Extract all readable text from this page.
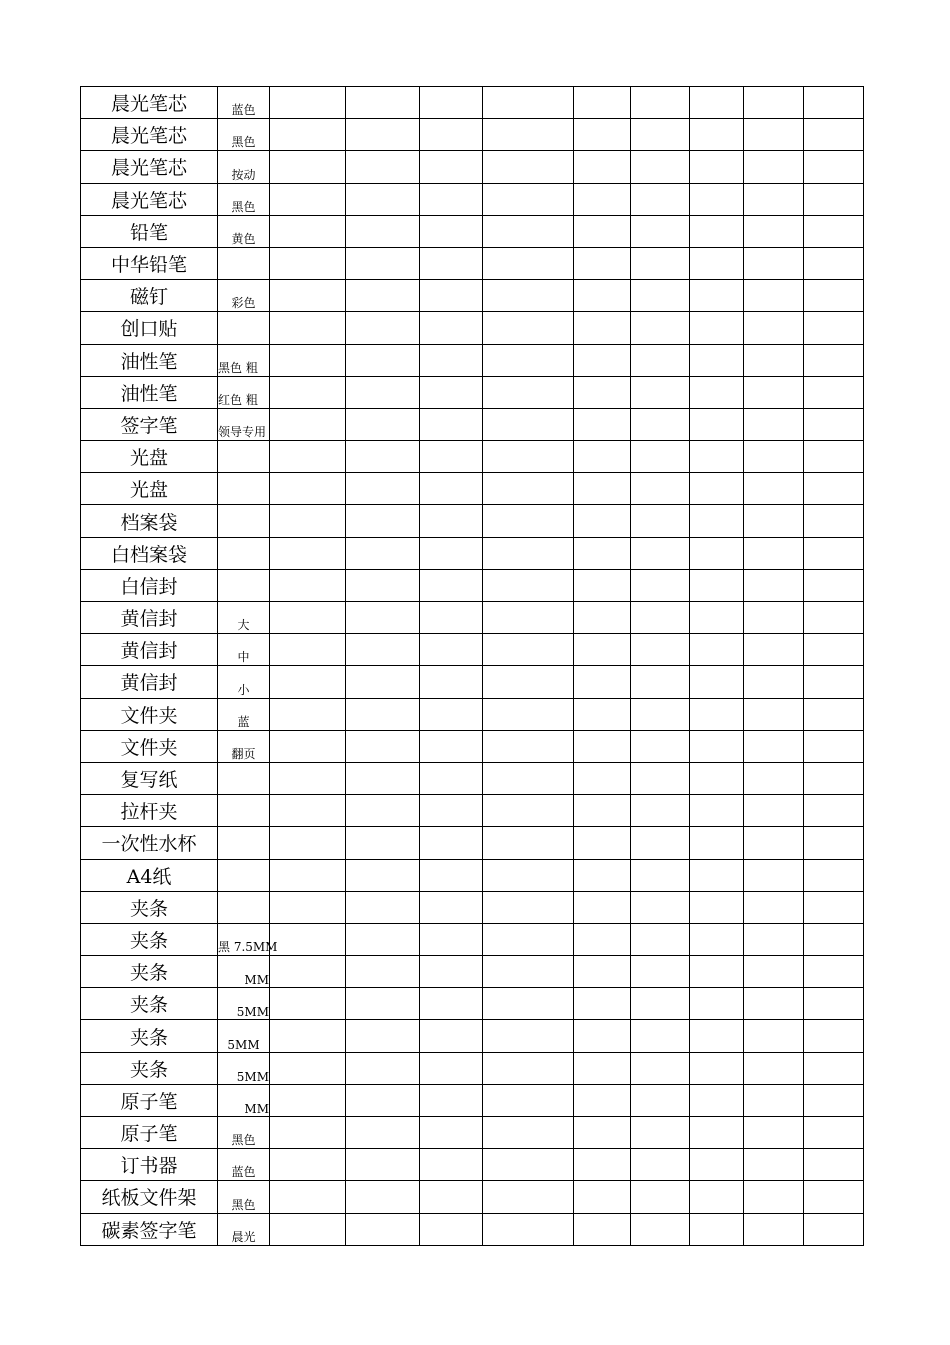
晨光笔芯	蓝色									
晨光笔芯	黑色									
晨光笔芯	按动									
晨光笔芯	黑色									
铅笔	黄色									
中华铅笔										
磁钉	彩色									
创口贴										
油性笔	黑色 粗									
油性笔	红色 粗									
签字笔	领导专用									
光盘										
光盘										
档案袋										
白档案袋										
白信封										
黄信封	大									
黄信封	中									
黄信封	小									
文件夹	蓝									
文件夹	翻页									
复写纸										
拉杆夹										
一次性水杯										
A4纸										
夹条										
夹条	黑 7.5MM									
夹条	MM									
夹条	5MM									
夹条	5MM									
夹条	5MM									
原子笔	MM									
原子笔	黑色									
订书器	蓝色									
纸板文件架	黑色									
碳素签字笔	晨光									
